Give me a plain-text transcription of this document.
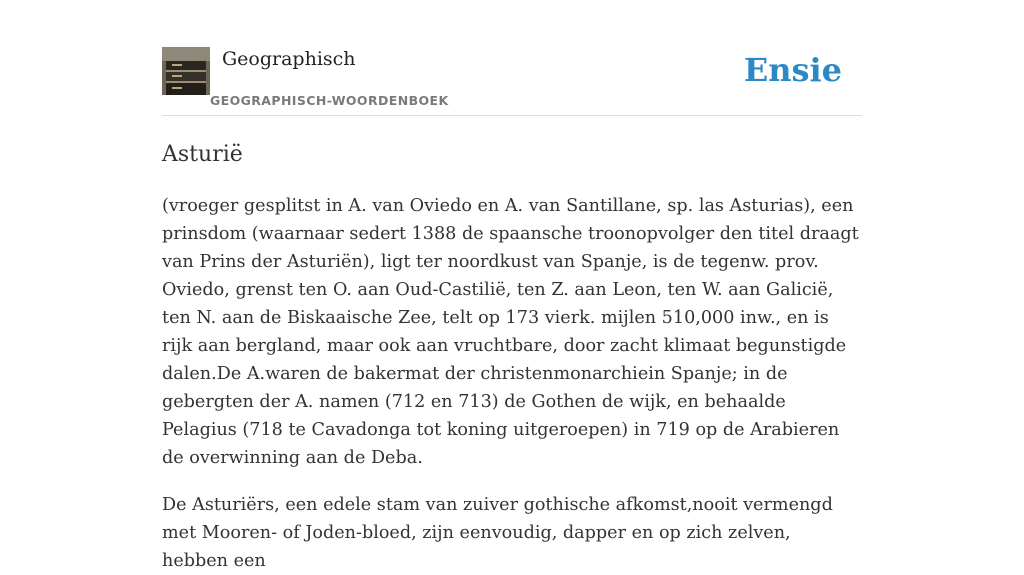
Geographisch
GEOGRAPHISCH-WOORDENBOEK
Ensie
Asturië

(vroeger gesplitst in A. van Oviedo en A. van Santillane, sp. las Asturias), een prinsdom (waarnaar sedert 1388 de spaansche troonopvolger den titel draagt van Prins der Asturiën), ligt ter noordkust van Spanje, is de tegenw. prov. Oviedo, grenst ten O. aan Oud-Castilië, ten Z. aan Leon, ten W. aan Galicië, ten N. aan de Biskaaische Zee, telt op 173 vierk. mijlen 510,000 inw., en is rijk aan bergland, maar ook aan vruchtbare, door zacht klimaat begunstigde dalen.De A.waren de bakermat der christenmonarchiein Spanje; in de gebergten der A. namen (712 en 713) de Gothen de wijk, en behaalde Pelagius (718 te Cavadonga tot koning uitgeroepen) in 719 op de Arabieren de overwinning aan de Deba.

De Asturiërs, een edele stam van zuiver gothische afkomst,nooit vermengd met Mooren- of Joden-bloed, zijn eenvoudig, dapper en op zich zelven, hebben een
